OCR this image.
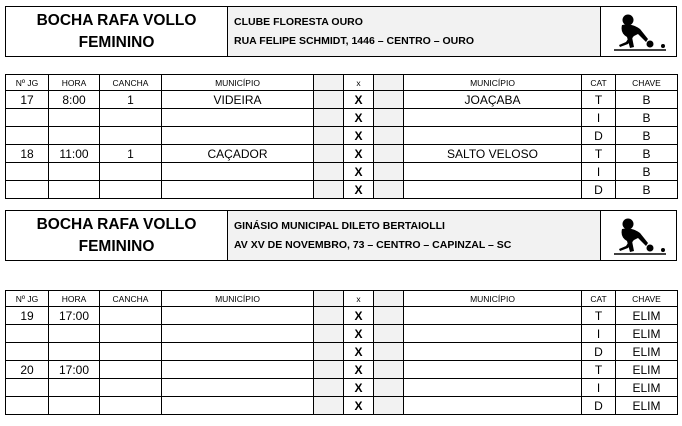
BOCHA RAFA VOLLO
FEMININO
CLUBE FLORESTA OURO
RUA FELIPE SCHMIDT, 1446 – CENTRO – OURO
Nº JG	HORA	CANCHA	MUNICÍPIO		x		MUNICÍPIO	CAT	CHAVE
17	8:00	1	VIDEIRA		X		JOAÇABA	T	B
					X			I	B
					X			D	B
18	11:00	1	CAÇADOR		X		SALTO VELOSO	T	B
					X			I	B
					X			D	B
BOCHA RAFA VOLLO
FEMININO
GINÁSIO MUNICIPAL DILETO BERTAIOLLI
AV XV DE NOVEMBRO, 73 – CENTRO – CAPINZAL – SC
Nº JG	HORA	CANCHA	MUNICÍPIO		x		MUNICÍPIO	CAT	CHAVE
19	17:00				X			T	ELIM
					X			I	ELIM
					X			D	ELIM
20	17:00				X			T	ELIM
					X			I	ELIM
					X			D	ELIM
